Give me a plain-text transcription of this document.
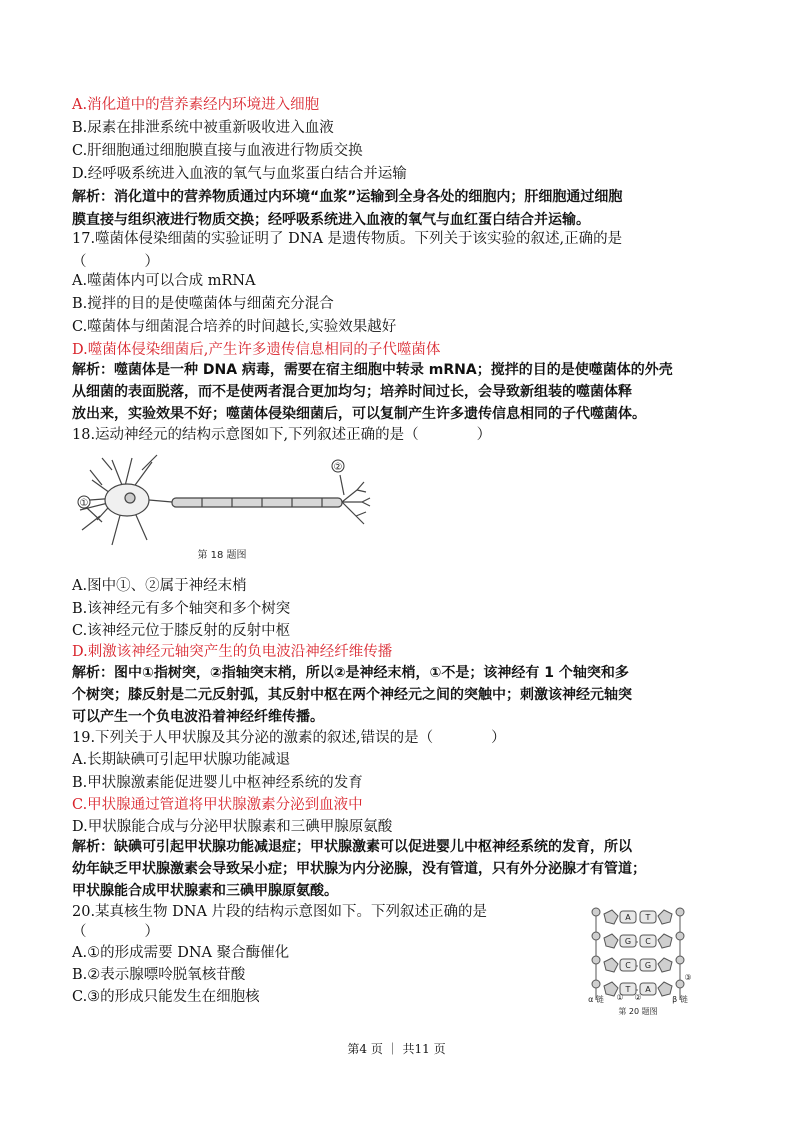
A.消化道中的营养素经内环境进入细胞
B.尿素在排泄系统中被重新吸收进入血液
C.肝细胞通过细胞膜直接与血液进行物质交换
D.经呼吸系统进入血液的氧气与血浆蛋白结合并运输
解析：消化道中的营养物质通过内环境“血浆”运输到全身各处的细胞内；肝细胞通过细胞
膜直接与组织液进行物质交换；经呼吸系统进入血液的氧气与血红蛋白结合并运输。
17.噬菌体侵染细菌的实验证明了 DNA 是遗传物质。下列关于该实验的叙述,正确的是
（　　　　）
A.噬菌体内可以合成 mRNA
B.搅拌的目的是使噬菌体与细菌充分混合
C.噬菌体与细菌混合培养的时间越长,实验效果越好
D.噬菌体侵染细菌后,产生许多遗传信息相同的子代噬菌体
解析：噬菌体是一种 DNA 病毒，需要在宿主细胞中转录 mRNA；搅拌的目的是使噬菌体的外壳
从细菌的表面脱落，而不是使两者混合更加均匀；培养时间过长，会导致新组装的噬菌体释
放出来，实验效果不好；噬菌体侵染细菌后，可以复制产生许多遗传信息相同的子代噬菌体。
18.运动神经元的结构示意图如下,下列叙述正确的是（　　　　）
①
②
第 18 题图
A.图中①、②属于神经末梢
B.该神经元有多个轴突和多个树突
C.该神经元位于膝反射的反射中枢
D.刺激该神经元轴突产生的负电波沿神经纤维传播
解析：图中①指树突，②指轴突末梢，所以②是神经末梢，①不是；该神经有 1 个轴突和多
个树突；膝反射是二元反射弧，其反射中枢在两个神经元之间的突触中；刺激该神经元轴突
可以产生一个负电波沿着神经纤维传播。
19.下列关于人甲状腺及其分泌的激素的叙述,错误的是（　　　　）
A.长期缺碘可引起甲状腺功能减退
B.甲状腺激素能促进婴儿中枢神经系统的发育
C.甲状腺通过管道将甲状腺激素分泌到血液中
D.甲状腺能合成与分泌甲状腺素和三碘甲腺原氨酸
解析：缺碘可引起甲状腺功能减退症；甲状腺激素可以促进婴儿中枢神经系统的发育，所以
幼年缺乏甲状腺激素会导致呆小症；甲状腺为内分泌腺，没有管道，只有外分泌腺才有管道；
甲状腺能合成甲状腺素和三碘甲腺原氨酸。
20.某真核生物 DNA 片段的结构示意图如下。下列叙述正确的是
（　　　　）
A.①的形成需要 DNA 聚合酶催化
B.②表示腺嘌呤脱氧核苷酸
C.③的形成只能发生在细胞核
A
G
C
T
T
C
G
A
① ②
③
α 链	β 链
第 20 题图
第4 页 ｜ 共11 页
